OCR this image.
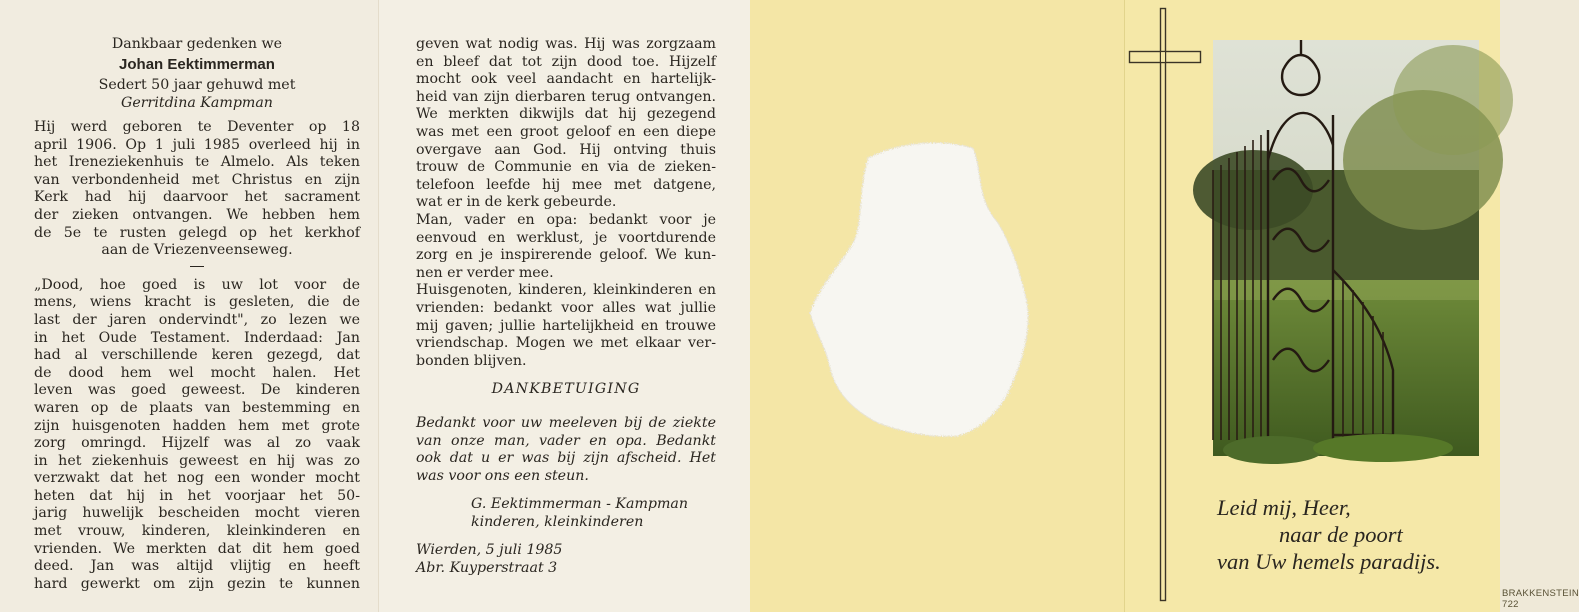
Dankbaar gedenken we
Johan Eektimmerman
Sedert 50 jaar gehuwd met
Gerritdina Kampman
Hij werd geboren te Deventer op 18
april 1906. Op 1 juli 1985 overleed hij in
het Ireneziekenhuis te Almelo. Als teken
van verbondenheid met Christus en zijn
Kerk had hij daarvoor het sacrament
der zieken ontvangen. We hebben hem
de 5e te rusten gelegd op het kerkhof
aan de Vriezenveenseweg.
„Dood, hoe goed is uw lot voor de
mens, wiens kracht is gesleten, die de
last der jaren ondervindt", zo lezen we
in het Oude Testament. Inderdaad: Jan
had al verschillende keren gezegd, dat
de dood hem wel mocht halen. Het
leven was goed geweest. De kinderen
waren op de plaats van bestemming en
zijn huisgenoten hadden hem met grote
zorg omringd. Hijzelf was al zo vaak
in het ziekenhuis geweest en hij was zo
verzwakt dat het nog een wonder mocht
heten dat hij in het voorjaar het 50-
jarig huwelijk bescheiden mocht vieren
met vrouw, kinderen, kleinkinderen en
vrienden. We merkten dat dit hem goed
deed. Jan was altijd vlijtig en heeft
hard gewerkt om zijn gezin te kunnen
geven wat nodig was. Hij was zorgzaam
en bleef dat tot zijn dood toe. Hijzelf
mocht ook veel aandacht en hartelijk-
heid van zijn dierbaren terug ontvangen.
We merkten dikwijls dat hij gezegend
was met een groot geloof en een diepe
overgave aan God. Hij ontving thuis
trouw de Communie en via de zieken-
telefoon leefde hij mee met datgene,
wat er in de kerk gebeurde.
Man, vader en opa: bedankt voor je
eenvoud en werklust, je voortdurende
zorg en je inspirerende geloof. We kun-
nen er verder mee.
Huisgenoten, kinderen, kleinkinderen en
vrienden: bedankt voor alles wat jullie
mij gaven; jullie hartelijkheid en trouwe
vriendschap. Mogen we met elkaar ver-
bonden blijven.
DANKBETUIGING
Bedankt voor uw meeleven bij de ziekte
van onze man, vader en opa. Bedankt
ook dat u er was bij zijn afscheid. Het
was voor ons een steun.
G. Eektimmerman - Kampman
kinderen, kleinkinderen
Wierden, 5 juli 1985
Abr. Kuyperstraat 3
BRAKKENSTEIN 722
Leid mij, Heer,
naar de poort
van Uw hemels paradijs.
